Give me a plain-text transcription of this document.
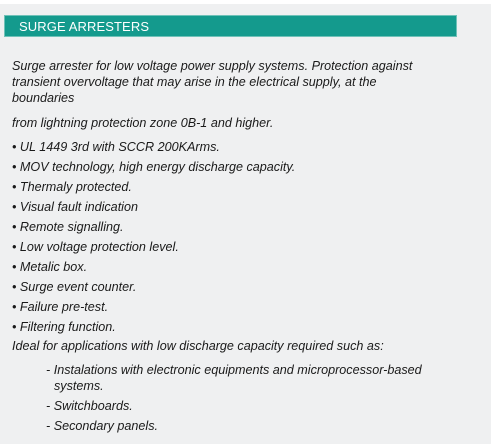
SURGE ARRESTERS
Surge arrester for low voltage power supply systems. Protection against
transient overvoltage that may arise in the electrical supply, at the
boundaries
from lightning protection zone 0B-1 and higher.
• UL 1449 3rd with SCCR 200KArms.
• MOV technology, high energy discharge capacity.
• Thermaly protected.
• Visual fault indication
• Remote signalling.
• Low voltage protection level.
• Metalic box.
• Surge event counter.
• Failure pre-test.
• Filtering function.
Ideal for applications with low discharge capacity required such as:
- Instalations with electronic equipments and microprocessor-based
systems.
- Switchboards.
- Secondary panels.
